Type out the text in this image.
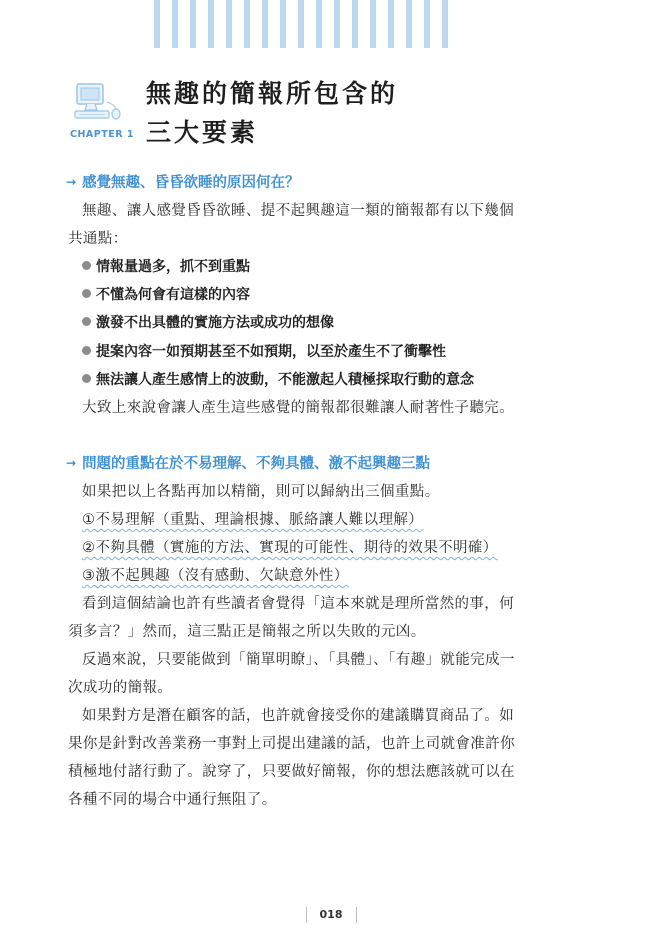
CHAPTER 1
無趣的簡報所包含的
三大要素
→ 感覺無趣、昏昏欲睡的原因何在？
無趣、讓人感覺昏昏欲睡、提不起興趣這一類的簡報都有以下幾個
共通點：
情報量過多，抓不到重點
不懂為何會有這樣的內容
激發不出具體的實施方法或成功的想像
提案內容一如預期甚至不如預期，以至於產生不了衝擊性
無法讓人產生感情上的波動，不能激起人積極採取行動的意念
大致上來說會讓人產生這些感覺的簡報都很難讓人耐著性子聽完。
→ 問題的重點在於不易理解、不夠具體、激不起興趣三點
如果把以上各點再加以精簡，則可以歸納出三個重點。
①不易理解（重點、理論根據、脈絡讓人難以理解）
②不夠具體（實施的方法、實現的可能性、期待的效果不明確）
③激不起興趣（沒有感動、欠缺意外性）
看到這個結論也許有些讀者會覺得「這本來就是理所當然的事，何
須多言？」然而，這三點正是簡報之所以失敗的元凶。
反過來說，只要能做到「簡單明瞭」、「具體」、「有趣」就能完成一
次成功的簡報。
如果對方是潛在顧客的話，也許就會接受你的建議購買商品了。如
果你是針對改善業務一事對上司提出建議的話，也許上司就會准許你
積極地付諸行動了。說穿了，只要做好簡報，你的想法應該就可以在
各種不同的場合中通行無阻了。
018
